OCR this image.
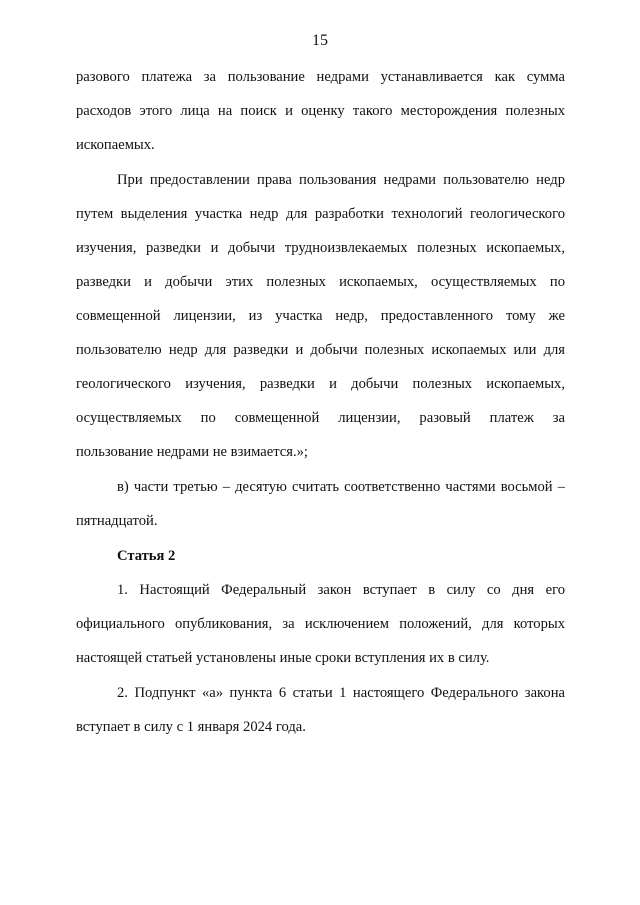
15
разового платежа за пользование недрами устанавливается как сумма
расходов этого лица на поиск и оценку такого месторождения полезных
ископаемых.
При предоставлении права пользования недрами пользователю недр
путем выделения участка недр для разработки технологий геологического
изучения, разведки и добычи трудноизвлекаемых полезных ископаемых,
разведки и добычи этих полезных ископаемых, осуществляемых по
совмещенной лицензии, из участка недр, предоставленного тому же
пользователю недр для разведки и добычи полезных ископаемых или для
геологического изучения, разведки и добычи полезных ископаемых,
осуществляемых по совмещенной лицензии, разовый платеж за
пользование недрами не взимается.»;
в) части третью – десятую считать соответственно частями восьмой –
пятнадцатой.
Статья 2
1. Настоящий Федеральный закон вступает в силу со дня его
официального опубликования, за исключением положений, для которых
настоящей статьей установлены иные сроки вступления их в силу.
2. Подпункт «а» пункта 6 статьи 1 настоящего Федерального закона
вступает в силу с 1 января 2024 года.
